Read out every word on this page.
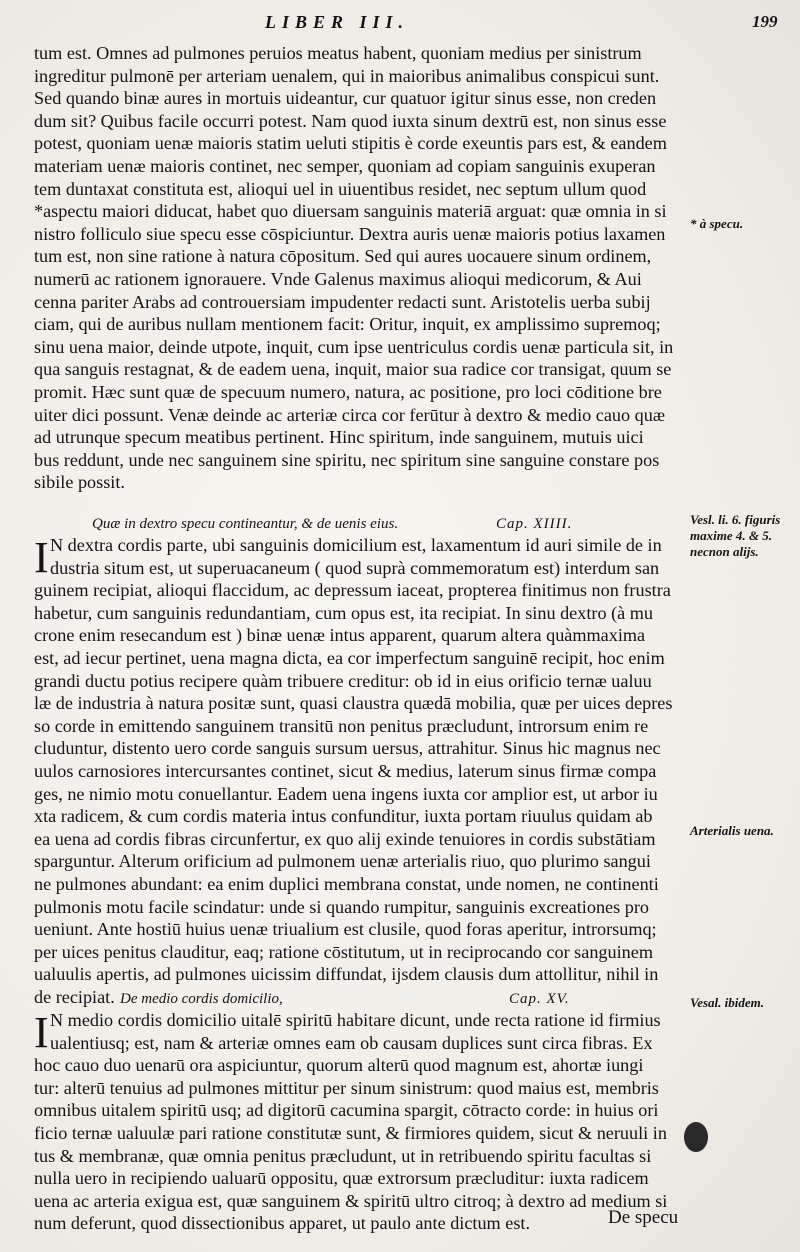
LIBER III.	199
tum est. Omnes ad pulmones peruios meatus habent, quoniam medius per sinistrum
ingreditur pulmonē per arteriam uenalem, qui in maioribus animalibus conspicui sunt.
Sed quando binæ aures in mortuis uideantur, cur quatuor igitur sinus esse, non creden
dum sit? Quibus facile occurri potest. Nam quod iuxta sinum dextrū est, non sinus esse
potest, quoniam uenæ maioris statim ueluti stipitis è corde exeuntis pars est, & eandem
materiam uenæ maioris continet, nec semper, quoniam ad copiam sanguinis exuperan
tem duntaxat constituta est, alioqui uel in uiuentibus residet, nec septum ullum quod
*aspectu maiori diducat, habet quo diuersam sanguinis materiā arguat: quæ omnia in si
nistro folliculo siue specu esse cōspiciuntur. Dextra auris uenæ maioris potius laxamen
tum est, non sine ratione à natura cōpositum. Sed qui aures uocauere sinum ordinem,
numerū ac rationem ignorauere. Vnde Galenus maximus alioqui medicorum, & Aui
cenna pariter Arabs ad controuersiam impudenter redacti sunt. Aristotelis uerba subij
ciam, qui de auribus nullam mentionem facit: Oritur, inquit, ex amplissimo supremoq;
sinu uena maior, deinde utpote, inquit, cum ipse uentriculus cordis uenæ particula sit, in
qua sanguis restagnat, & de eadem uena, inquit, maior sua radice cor transigat, quum se
promit. Hæc sunt quæ de specuum numero, natura, ac positione, pro loci cōditione bre
uiter dici possunt. Venæ deinde ac arteriæ circa cor ferūtur à dextro & medio cauo quæ
ad utrunque specum meatibus pertinent. Hinc spiritum, inde sanguinem, mutuis uici
bus reddunt, unde nec sanguinem sine spiritu, nec spiritum sine sanguine constare pos
sibile possit.
Quæ in dextro specu contineantur, & de uenis eius.	Cap. XIIII.
I N dextra cordis parte, ubi sanguinis domicilium est, laxamentum id auri simile de in
dustria situm est, ut superuacaneum ( quod suprà commemoratum est) interdum san
guinem recipiat, alioqui flaccidum, ac depressum iaceat, propterea finitimus non frustra
habetur, cum sanguinis redundantiam, cum opus est, ita recipiat. In sinu dextro (à mu
crone enim resecandum est ) binæ uenæ intus apparent, quarum altera quàmmaxima
est, ad iecur pertinet, uena magna dicta, ea cor imperfectum sanguinē recipit, hoc enim
grandi ductu potius recipere quàm tribuere creditur: ob id in eius orificio ternæ ualuu
læ de industria à natura positæ sunt, quasi claustra quædā mobilia, quæ per uices depres
so corde in emittendo sanguinem transitū non penitus præcludunt, introrsum enim re
cluduntur, distento uero corde sanguis sursum uersus, attrahitur. Sinus hic magnus nec
uulos carnosiores intercursantes continet, sicut & medius, laterum sinus firmæ compa
ges, ne nimio motu conuellantur. Eadem uena ingens iuxta cor amplior est, ut arbor iu
xta radicem, & cum cordis materia intus confunditur, iuxta portam riuulus quidam ab
ea uena ad cordis fibras circunfertur, ex quo alij exinde tenuiores in cordis substātiam
sparguntur. Alterum orificium ad pulmonem uenæ arterialis riuo, quo plurimo sangui
ne pulmones abundant: ea enim duplici membrana constat, unde nomen, ne continenti
pulmonis motu facile scindatur: unde si quando rumpitur, sanguinis excreationes pro
ueniunt. Ante hostiū huius uenæ triualium est clusile, quod foras aperitur, introrsumq;
per uices penitus clauditur, eaq; ratione cōstitutum, ut in reciprocando cor sanguinem
ualuulis apertis, ad pulmones uicissim diffundat, ijsdem clausis dum attollitur, nihil in
de recipiat. De medio cordis domicilio,	Cap. XV.
I N medio cordis domicilio uitalē spiritū habitare dicunt, unde recta ratione id firmius
ualentiusq; est, nam & arteriæ omnes eam ob causam duplices sunt circa fibras. Ex
hoc cauo duo uenarū ora aspiciuntur, quorum alterū quod magnum est, ahortæ iungi
tur: alterū tenuius ad pulmones mittitur per sinum sinistrum: quod maius est, membris
omnibus uitalem spiritū usq; ad digitorū cacumina spargit, cōtracto corde: in huius ori
ficio ternæ ualuulæ pari ratione constitutæ sunt, & firmiores quidem, sicut & neruuli in
tus & membranæ, quæ omnia penitus præcludunt, ut in retribuendo spiritu facultas si
nulla uero in recipiendo ualuarū oppositu, quæ extrorsum præcluditur: iuxta radicem
uena ac arteria exigua est, quæ sanguinem & spiritū ultro citroq; à dextro ad medium si
num deferunt, quod dissectionibus apparet, ut paulo ante dictum est.
* à specu.
Vesl. li. 6. figuris maxime 4. & 5. necnon alijs.
Arterialis uena.
Vesal. ibidem.
De specu
